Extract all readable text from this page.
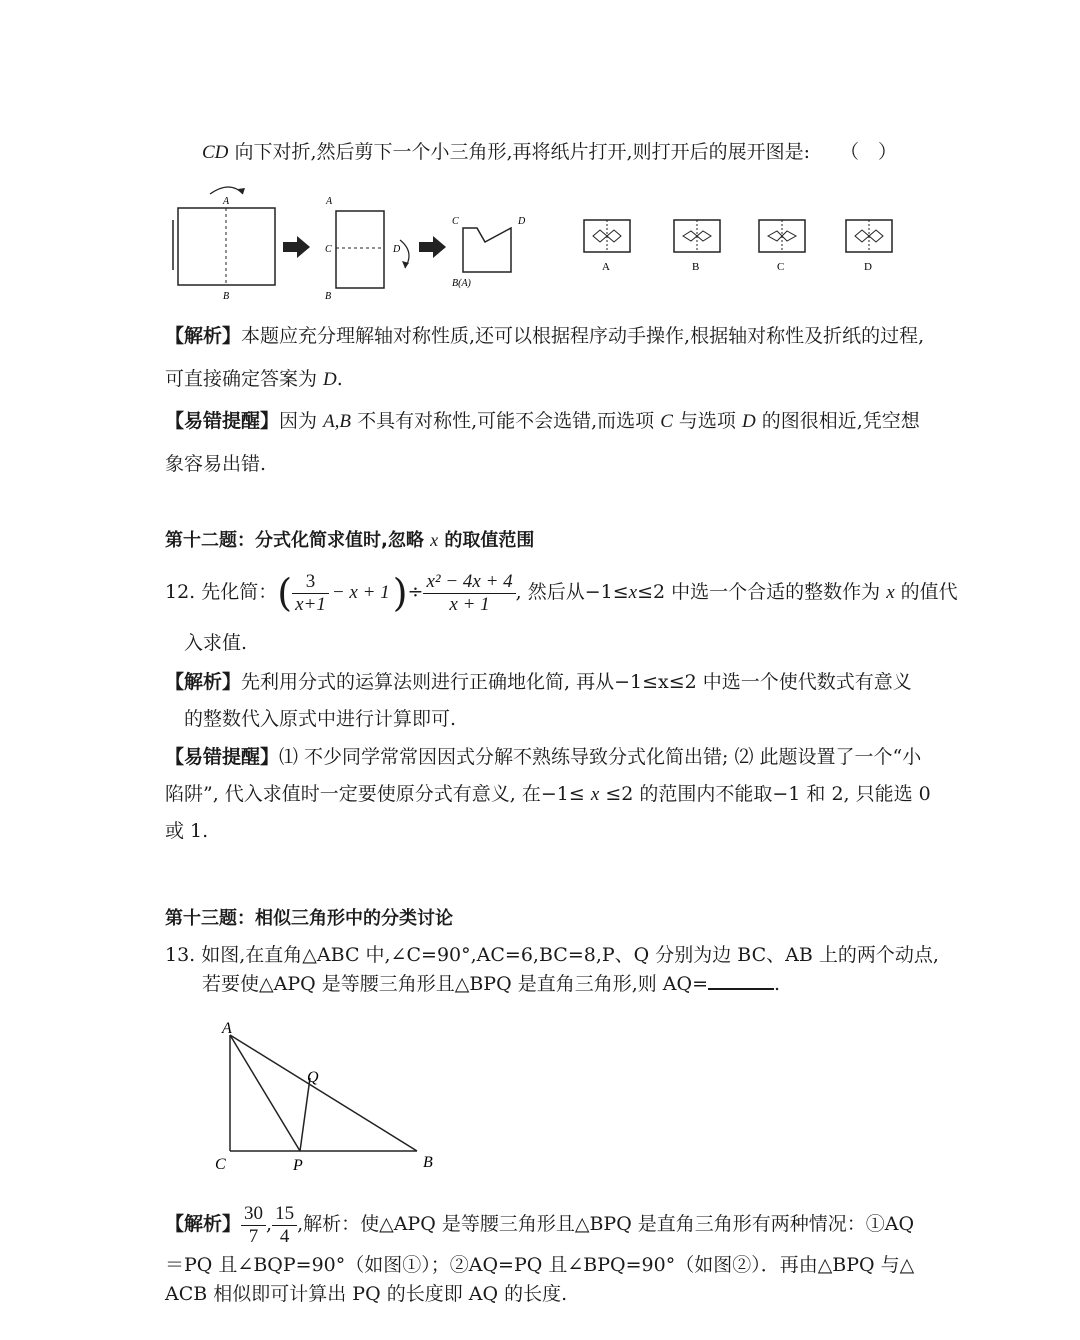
CD 向下对折,然后剪下一个小三角形,再将纸片打开,则打开后的展开图是: （　）
A
B
A
C	D
B
C	D
B(A)
A	B	C	D
【解析】本题应充分理解轴对称性质,还可以根据程序动手操作,根据轴对称性及折纸的过程,
可直接确定答案为 D.
【易错提醒】因为 A,B 不具有对称性,可能不会选错,而选项 C 与选项 D 的图很相近,凭空想
象容易出错.
第十二题：分式化简求值时,忽略 x 的取值范围
12. 先化简：( $\frac{3}{x+1} - x + 1)\div \frac{\text{x² − 4x + 4}}{x + 1}$ , 然后从−1≤x≤2 中选一个合适的整数作为 x 的值代
入求值.
【解析】先利用分式的运算法则进行正确地化简, 再从−1≤x≤2 中选一个使代数式有意义
的整数代入原式中进行计算即可.
【易错提醒】⑴ 不少同学常常因因式分解不熟练导致分式化简出错; ⑵ 此题设置了一个“小
陷阱”, 代入求值时一定要使原分式有意义, 在−1≤ x ≤2 的范围内不能取−1 和 2, 只能选 0
或 1.
第十三题：相似三角形中的分类讨论
13. 如图,在直角△ABC 中,∠C=90°,AC=6,BC=8,P、Q 分别为边 BC、AB 上的两个动点,
若要使△APQ 是等腰三角形且△BPQ 是直角三角形,则 AQ=	.
A
Q
C	P	B
【解析】 $\frac{30}{7}$ , $\frac{15}{4}$ ,解析：使△APQ 是等腰三角形且△BPQ 是直角三角形有两种情况：①AQ
＝PQ 且∠BQP=90°（如图①）；②AQ=PQ 且∠BPQ=90°（如图②）．再由△BPQ 与△
ACB 相似即可计算出 PQ 的长度即 AQ 的长度.
